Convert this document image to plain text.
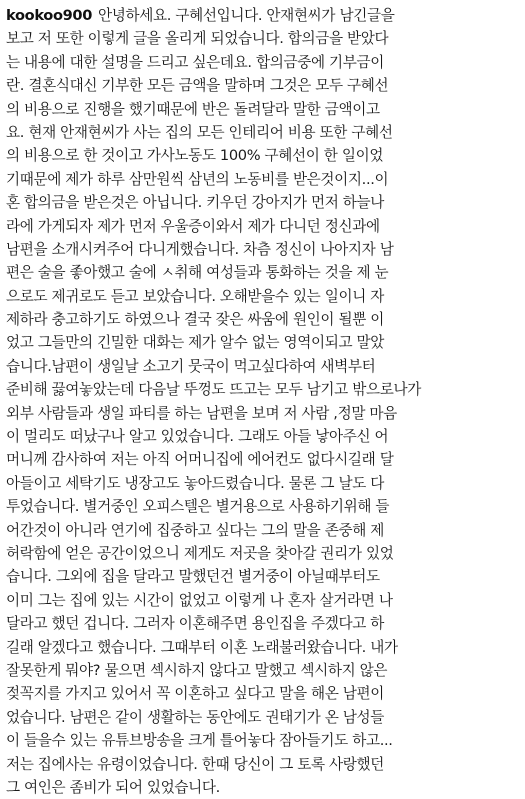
kookoo900 안녕하세요. 구혜선입니다. 안재현씨가 남긴글을
보고 저 또한 이렇게 글을 올리게 되었습니다. 합의금을 받았다
는 내용에 대한 설명을 드리고 싶은데요. 합의금중에 기부금이
란. 결혼식대신 기부한 모든 금액을 말하며 그것은 모두 구혜선
의 비용으로 진행을 했기때문에 반은 돌려달라 말한 금액이고
요. 현재 안재현씨가 사는 집의 모든 인테리어 비용 또한 구혜선
의 비용으로 한 것이고 가사노동도 100% 구혜선이 한 일이었
기때문에 제가 하루 삼만원씩 삼년의 노동비를 받은것이지...이
혼 합의금을 받은것은 아닙니다. 키우던 강아지가 먼저 하늘나
라에 가게되자 제가 먼저 우울증이와서 제가 다니던 정신과에
남편을 소개시켜주어 다니게했습니다. 차츰 정신이 나아지자 남
편은 술을 좋아했고 술에 ㅅ취해 여성들과 통화하는 것을 제 눈
으로도 제귀로도 듣고 보았습니다. 오해받을수 있는 일이니 자
제하라 충고하기도 하였으나 결국 잦은 싸움에 원인이 될뿐 이
었고 그들만의 긴밀한 대화는 제가 알수 없는 영역이되고 말았
습니다.남편이 생일날 소고기 뭇국이 먹고싶다하여 새벽부터
준비해 끓여놓았는데 다음날 뚜껑도 뜨고는 모두 남기고 밖으로나가
외부 사람들과 생일 파티를 하는 남편을 보며 저 사람 ,정말 마음
이 멀리도 떠났구나 알고 있었습니다. 그래도 아들 낳아주신 어
머니께 감사하여 저는 아직 어머니집에 에어컨도 없다시길래 달
아들이고 세탁기도 냉장고도 놓아드렸습니다. 물론 그 날도 다
투었습니다. 별거중인 오피스텔은 별거용으로 사용하기위해 들
어간것이 아니라 연기에 집중하고 싶다는 그의 말을 존중해 제
허락함에 얻은 공간이었으니 제게도 저곳을 찾아갈 권리가 있었
습니다. 그외에 집을 달라고 말했던건 별거중이 아닐때부터도
이미 그는 집에 있는 시간이 없었고 이렇게 나 혼자 살거라면 나
달라고 했던 겁니다. 그러자 이혼해주면 용인집을 주겠다고 하
길래 알겠다고 했습니다. 그때부터 이혼 노래불러왔습니다. 내가
잘못한게 뭐야? 물으면 섹시하지 않다고 말했고 섹시하지 않은
젖꼭지를 가지고 있어서 꼭 이혼하고 싶다고 말을 해온 남편이
었습니다. 남편은 같이 생활하는 동안에도 권태기가 온 남성들
이 들을수 있는 유튜브방송을 크게 틀어놓다 잠아들기도 하고...
저는 집에사는 유령이었습니다. 한때 당신이 그 토록 사랑했던
그 여인은 좀비가 되어 있었습니다.
